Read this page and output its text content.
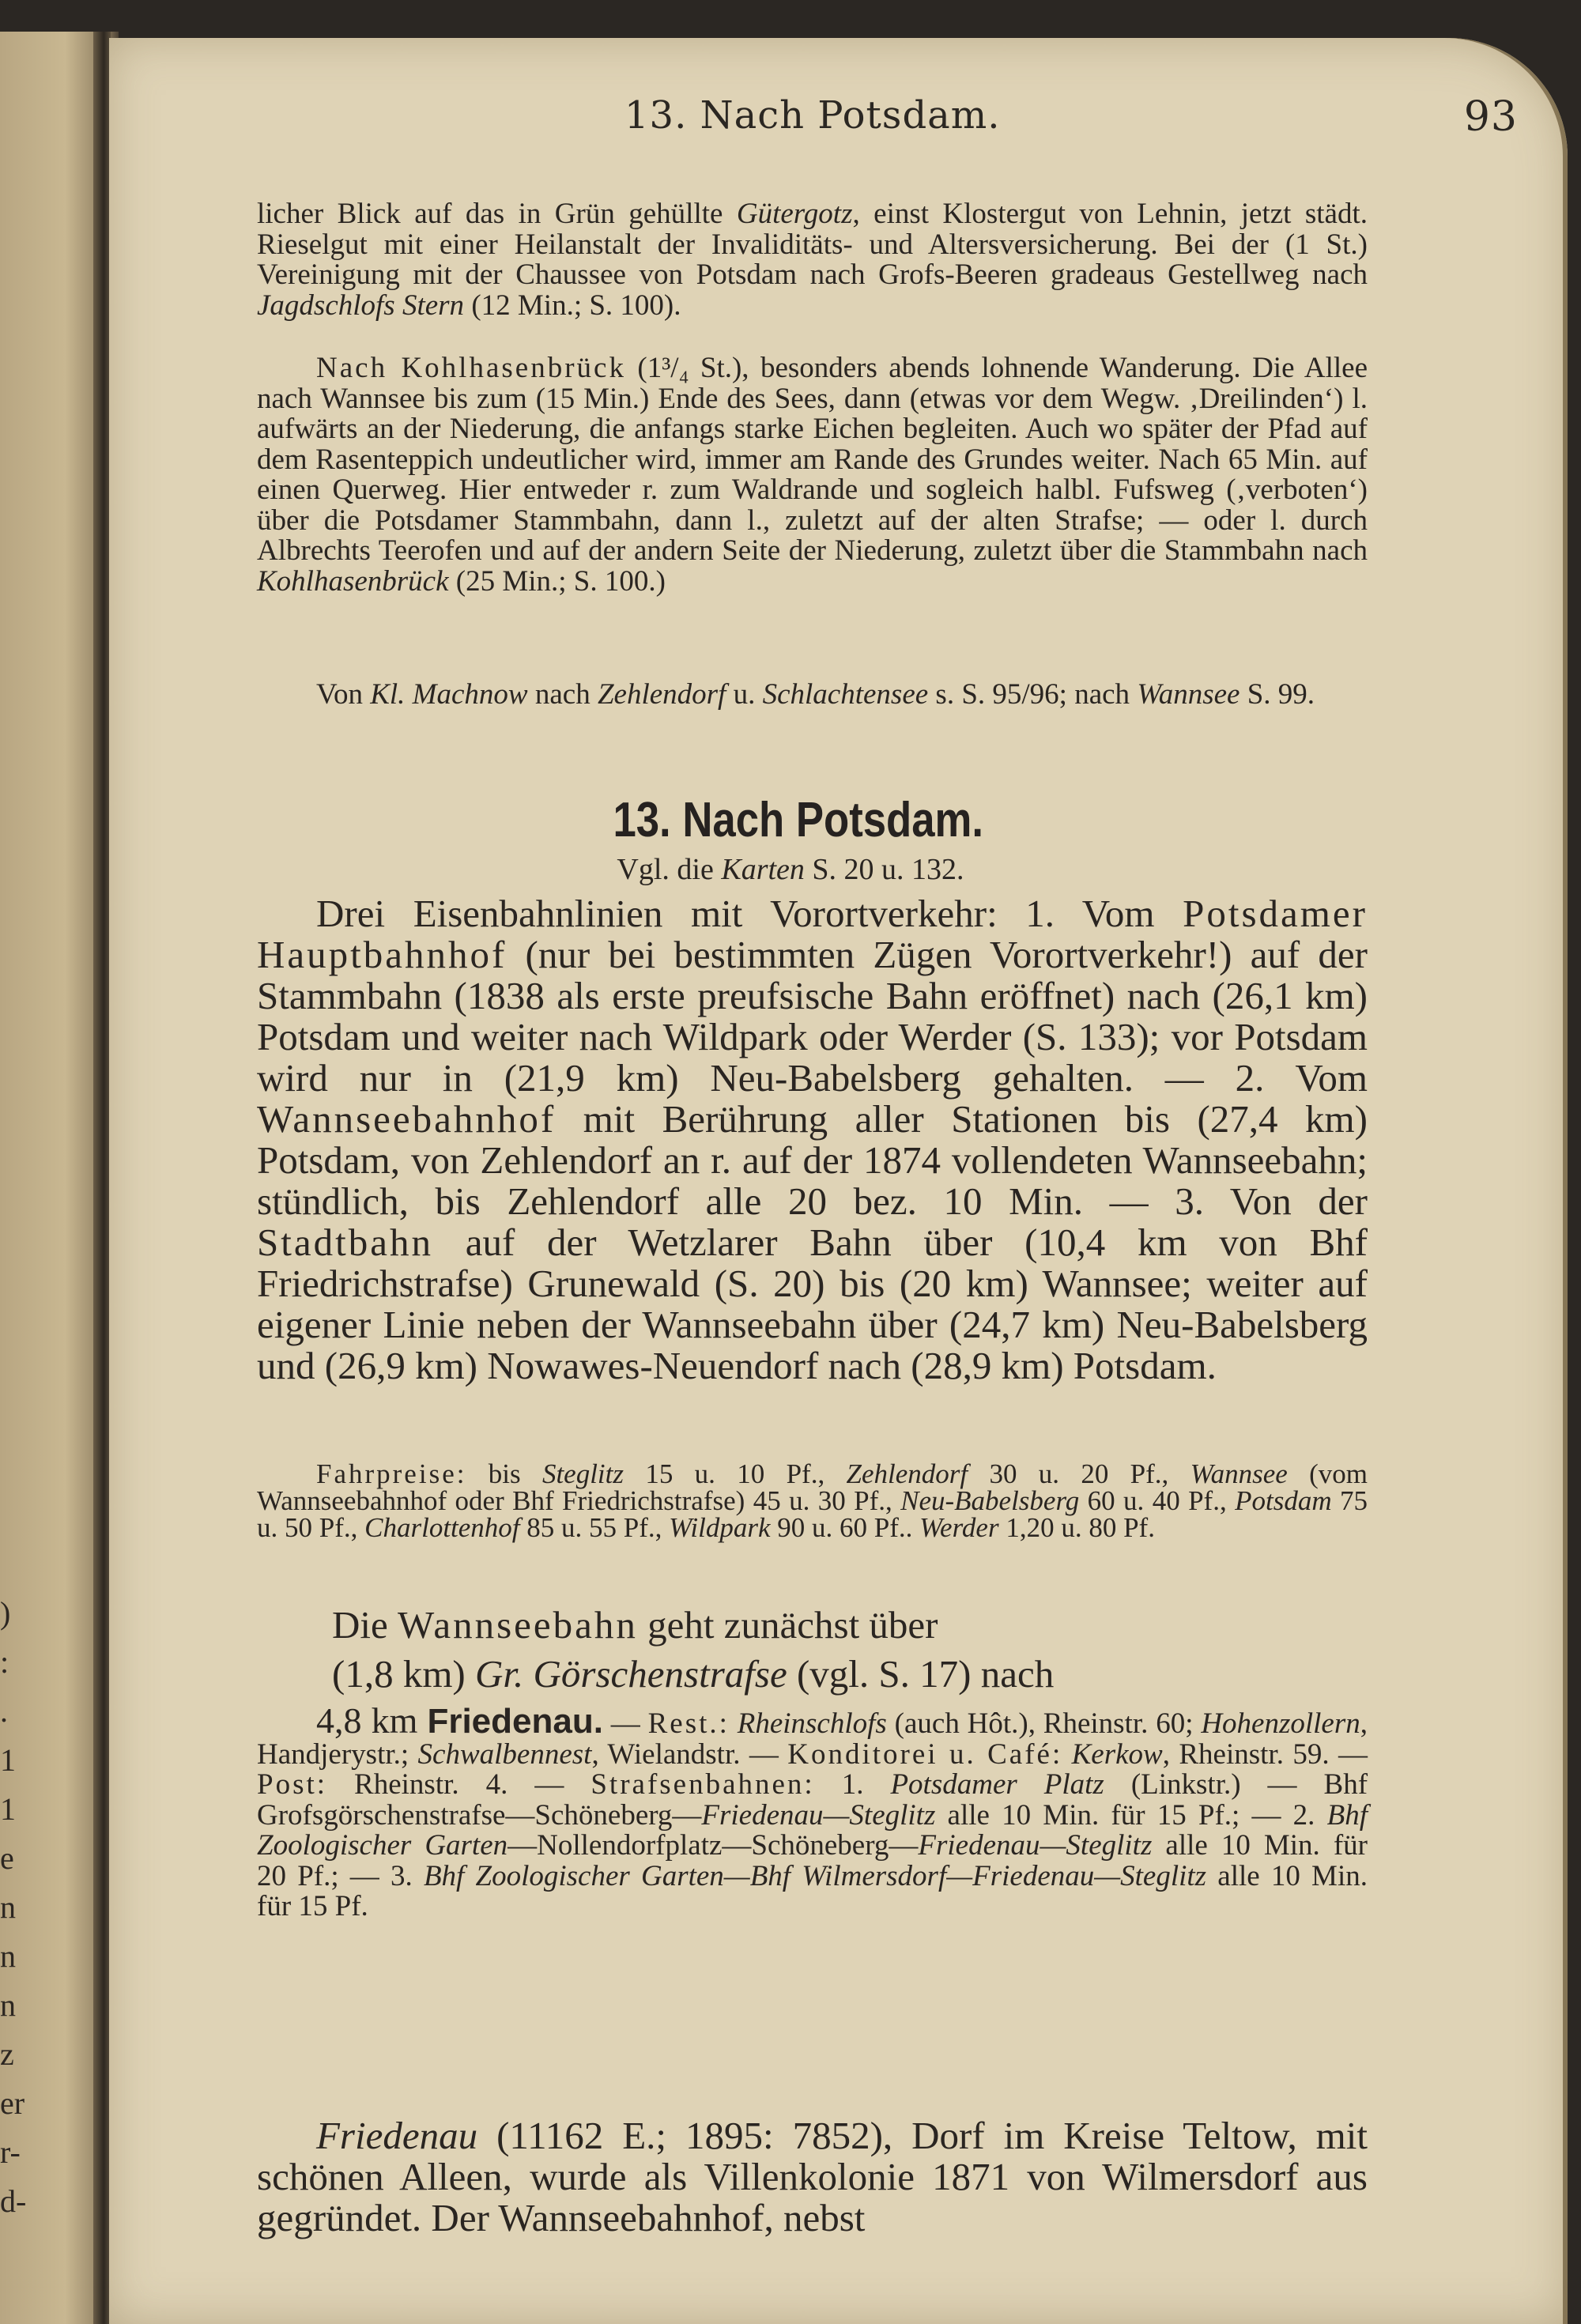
)
:
.
1
1
e
n
n
n
z
er
r-
d-
13. Nach Potsdam.	93
licher Blick auf das in Grün gehüllte Gütergotz, einst Klostergut von Lehnin, jetzt städt. Rieselgut mit einer Heilanstalt der Invaliditäts- und Altersversicherung. Bei der (1 St.) Vereinigung mit der Chaussee von Potsdam nach Grofs-Beeren gradeaus Gestellweg nach Jagdschlofs Stern (12 Min.; S. 100).
Nach Kohlhasenbrück (1³/₄ St.), besonders abends lohnende Wanderung. Die Allee nach Wannsee bis zum (15 Min.) Ende des Sees, dann (etwas vor dem Wegw. ‚Dreilinden‘) l. aufwärts an der Niederung, die anfangs starke Eichen begleiten. Auch wo später der Pfad auf dem Rasenteppich undeutlicher wird, immer am Rande des Grundes weiter. Nach 65 Min. auf einen Querweg. Hier entweder r. zum Waldrande und sogleich halbl. Fufsweg (‚verboten‘) über die Potsdamer Stammbahn, dann l., zuletzt auf der alten Strafse; — oder l. durch Albrechts Teerofen und auf der andern Seite der Niederung, zuletzt über die Stammbahn nach Kohlhasenbrück (25 Min.; S. 100.)
Von Kl. Machnow nach Zehlendorf u. Schlachtensee s. S. 95/96; nach Wannsee S. 99.
13. Nach Potsdam.
Vgl. die Karten S. 20 u. 132.
Drei Eisenbahnlinien mit Vorortverkehr: 1. Vom Potsdamer Hauptbahnhof (nur bei bestimmten Zügen Vorortverkehr!) auf der Stammbahn (1838 als erste preufsische Bahn eröffnet) nach (26,1 km) Potsdam und weiter nach Wildpark oder Werder (S. 133); vor Potsdam wird nur in (21,9 km) Neu-Babelsberg gehalten. — 2. Vom Wannseebahnhof mit Berührung aller Stationen bis (27,4 km) Potsdam, von Zehlendorf an r. auf der 1874 vollendeten Wannseebahn; stündlich, bis Zehlendorf alle 20 bez. 10 Min. — 3. Von der Stadtbahn auf der Wetzlarer Bahn über (10,4 km von Bhf Friedrichstrafse) Grunewald (S. 20) bis (20 km) Wannsee; weiter auf eigener Linie neben der Wannseebahn über (24,7 km) Neu-Babelsberg und (26,9 km) Nowawes-Neuendorf nach (28,9 km) Potsdam.
Fahrpreise: bis Steglitz 15 u. 10 Pf., Zehlendorf 30 u. 20 Pf., Wannsee (vom Wannseebahnhof oder Bhf Friedrichstrafse) 45 u. 30 Pf., Neu-Babelsberg 60 u. 40 Pf., Potsdam 75 u. 50 Pf., Charlottenhof 85 u. 55 Pf., Wildpark 90 u. 60 Pf.. Werder 1,20 u. 80 Pf.
Die Wannseebahn geht zunächst über
(1,8 km) Gr. Görschenstrafse (vgl. S. 17) nach
4,8 km Friedenau. — Rest.: Rheinschlofs (auch Hôt.), Rheinstr. 60; Hohenzollern, Handjerystr.; Schwalbennest, Wielandstr. — Konditorei u. Café: Kerkow, Rheinstr. 59. — Post: Rheinstr. 4. — Strafsenbahnen: 1. Potsdamer Platz (Linkstr.) — Bhf Grofsgörschenstrafse—Schöneberg—Friedenau—Steglitz alle 10 Min. für 15 Pf.; — 2. Bhf Zoologischer Garten—Nollendorfplatz—Schöneberg—Friedenau—Steglitz alle 10 Min. für 20 Pf.; — 3. Bhf Zoologischer Garten—Bhf Wilmersdorf—Friedenau—Steglitz alle 10 Min. für 15 Pf.
Friedenau (11162 E.; 1895: 7852), Dorf im Kreise Teltow, mit schönen Alleen, wurde als Villenkolonie 1871 von Wilmersdorf aus gegründet. Der Wannseebahnhof, nebst
